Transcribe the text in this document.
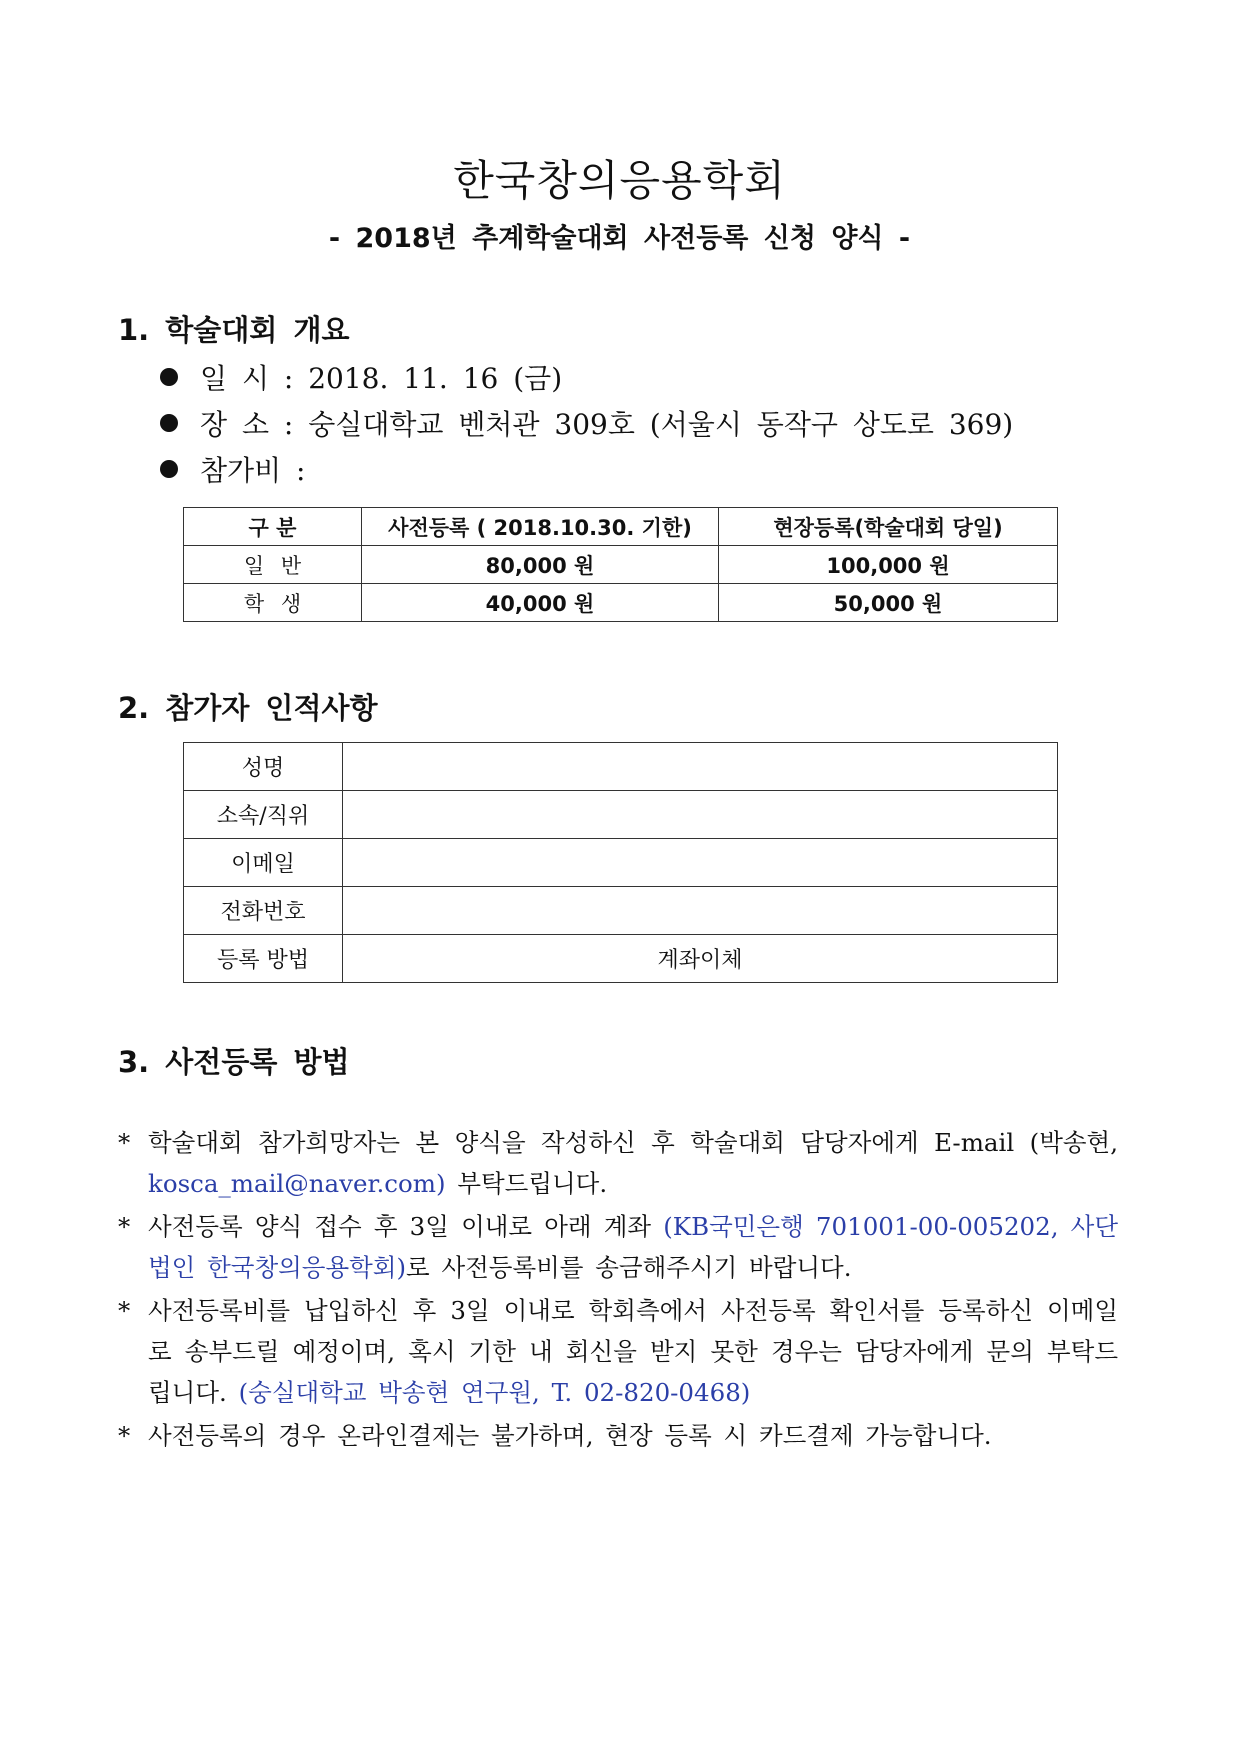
한국창의응용학회
- 2018년 추계학술대회 사전등록 신청 양식 -
1. 학술대회 개요
일 시 : 2018. 11. 16 (금)
장 소 : 숭실대학교 벤처관 309호 (서울시 동작구 상도로 369)
참가비 :
구 분	사전등록 ( 2018.10.30. 기한)	현장등록(학술대회 당일)
일 반	80,000 원	100,000 원
학 생	40,000 원	50,000 원
2. 참가자 인적사항
성명	
소속/직위	
이메일	
전화번호	
등록 방법	계좌이체
3. 사전등록 방법
* 학술대회 참가희망자는 본 양식을 작성하신 후 학술대회 담당자에게 E-mail (박송현, kosca_mail@naver.com) 부탁드립니다.
* 사전등록 양식 접수 후 3일 이내로 아래 계좌 (KB국민은행 701001-00-005202, 사단법인 한국창의응용학회)로 사전등록비를 송금해주시기 바랍니다.
* 사전등록비를 납입하신 후 3일 이내로 학회측에서 사전등록 확인서를 등록하신 이메일로 송부드릴 예정이며, 혹시 기한 내 회신을 받지 못한 경우는 담당자에게 문의 부탁드립니다. (숭실대학교 박송현 연구원, T. 02-820-0468)
* 사전등록의 경우 온라인결제는 불가하며, 현장 등록 시 카드결제 가능합니다.
